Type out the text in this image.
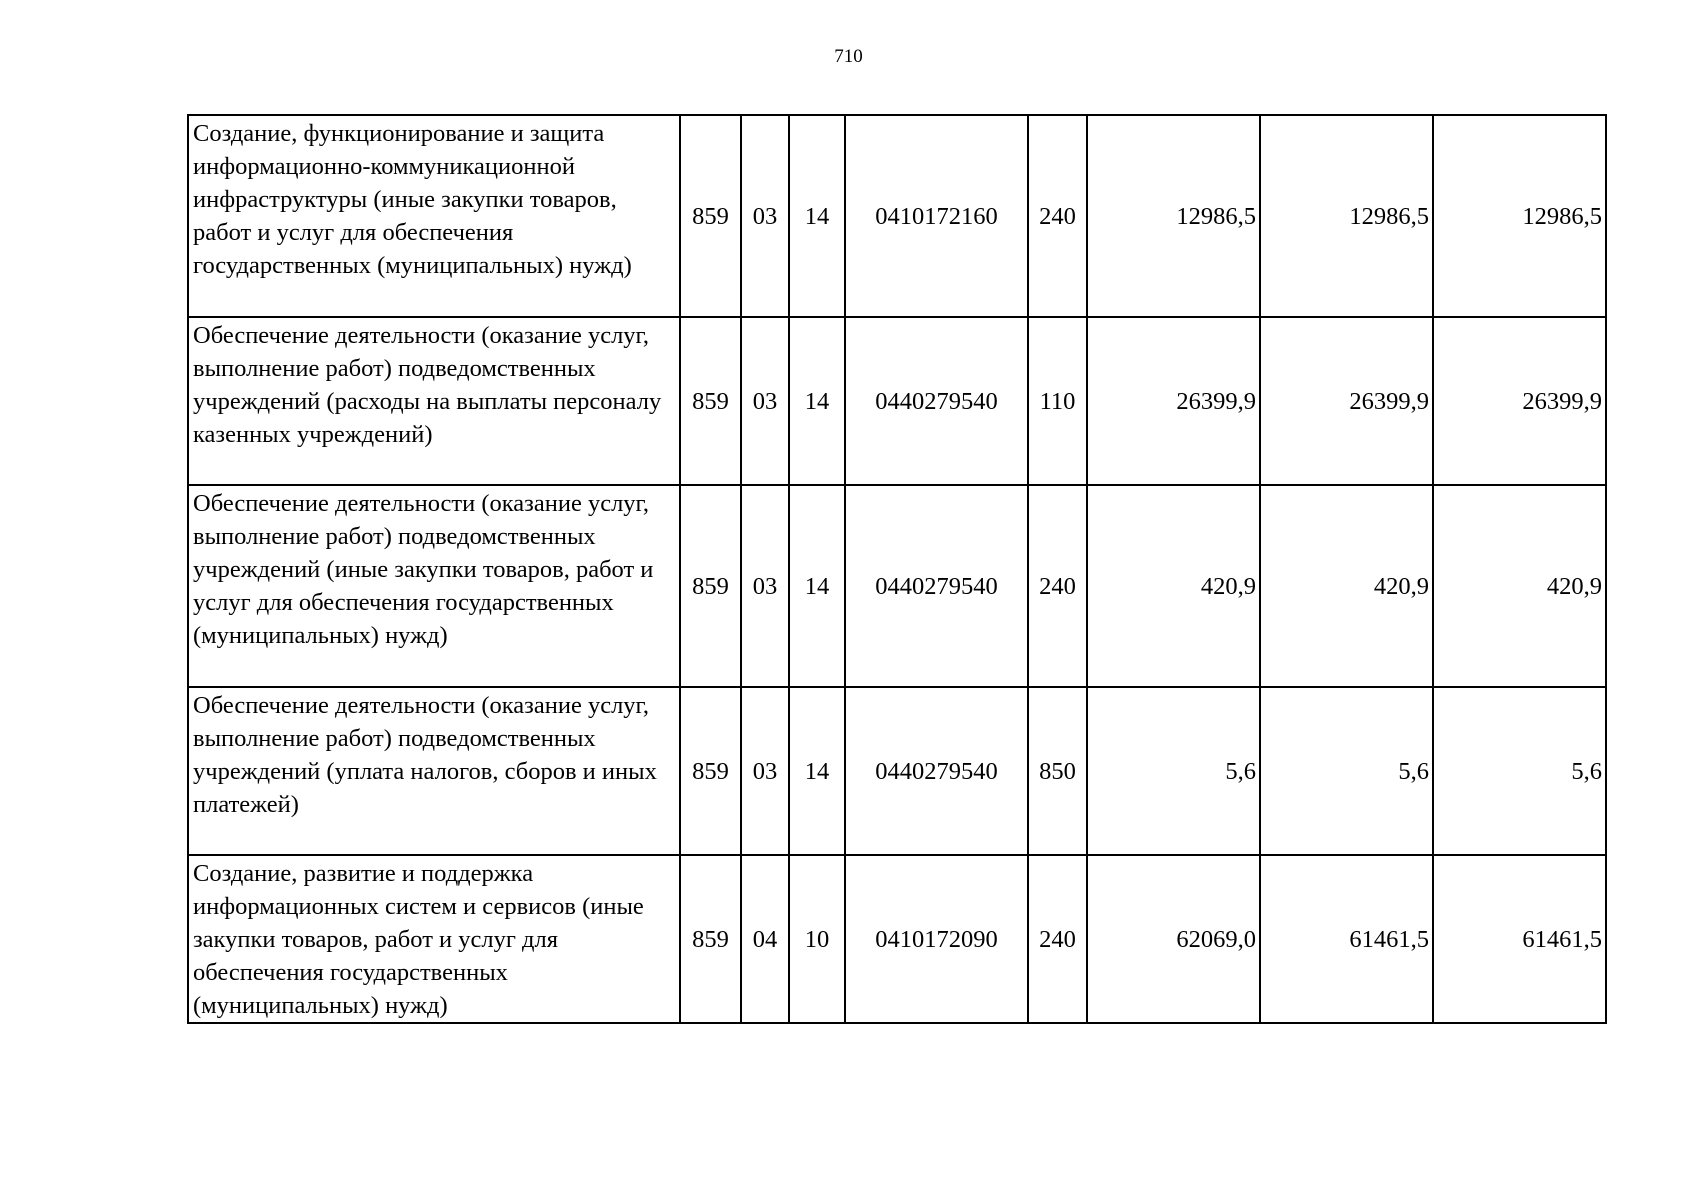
710
Создание, функционирование и защита информационно-коммуникационной инфраструктуры (иные закупки товаров, работ и услуг для обеспечения государственных (муниципальных) нужд)	859	03	14	0410172160	240	12986,5	12986,5	12986,5
Обеспечение деятельности (оказание услуг, выполнение работ) подведомственных учреждений (расходы на выплаты персоналу казенных учреждений)	859	03	14	0440279540	110	26399,9	26399,9	26399,9
Обеспечение деятельности (оказание услуг, выполнение работ) подведомственных учреждений (иные закупки товаров, работ и услуг для обеспечения государственных (муниципальных) нужд)	859	03	14	0440279540	240	420,9	420,9	420,9
Обеспечение деятельности (оказание услуг, выполнение работ) подведомственных учреждений (уплата налогов, сборов и иных платежей)	859	03	14	0440279540	850	5,6	5,6	5,6
Создание, развитие и поддержка информационных систем и сервисов (иные закупки товаров, работ и услуг для обеспечения государственных (муниципальных) нужд)	859	04	10	0410172090	240	62069,0	61461,5	61461,5
